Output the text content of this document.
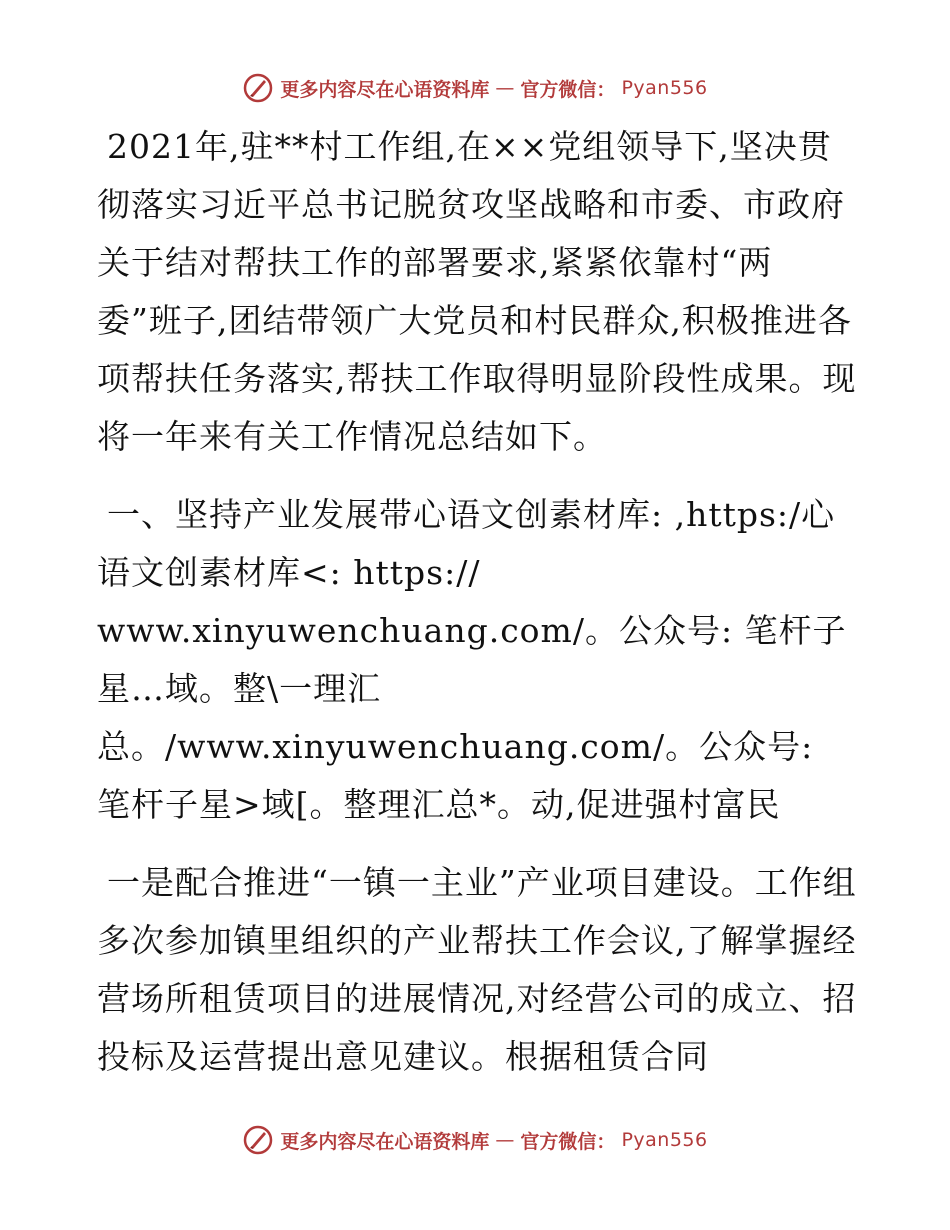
更多内容尽在心语资料库 — 官方微信： Pyan556

2021年,驻**村工作组,在××党组领导下,坚决贯彻落实习近平总书记脱贫攻坚战略和市委、市政府关于结对帮扶工作的部署要求,紧紧依靠村“两委”班子,团结带领广大党员和村民群众,积极推进各项帮扶任务落实,帮扶工作取得明显阶段性成果。现将一年来有关工作情况总结如下。

一、坚持产业发展带心语文创素材库: ,https:/心语文创素材库<: https:// www.xinyuwenchuang.com/。公众号: 笔杆子星…域。整\一理汇总。/www.xinyuwenchuang.com/。公众号: 笔杆子星>域[。整理汇总*。动,促进强村富民

一是配合推进“一镇一主业”产业项目建设。工作组多次参加镇里组织的产业帮扶工作会议,了解掌握经营场所租赁项目的进展情况,对经营公司的成立、招投标及运营提出意见建议。根据租赁合同

更多内容尽在心语资料库 — 官方微信： Pyan556
